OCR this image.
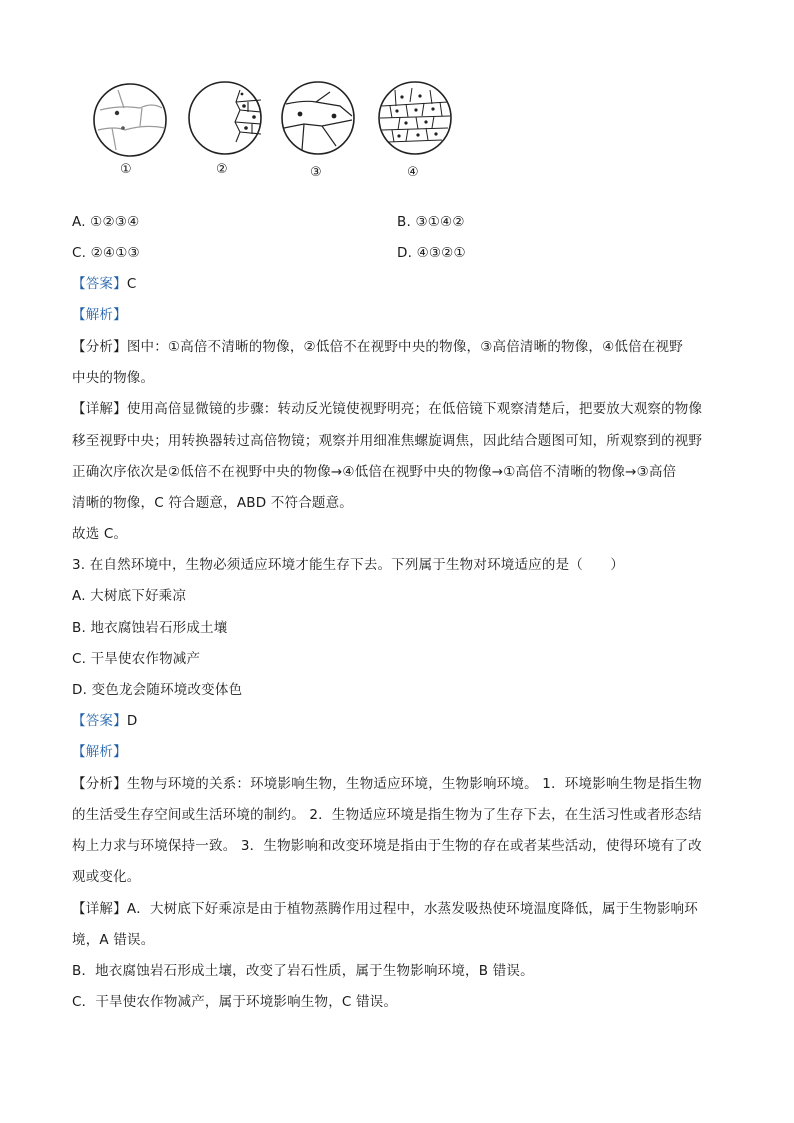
①	②	③	④
A. ①②③④	B. ③①④②
C. ②④①③	D. ④③②①
【答案】C
【解析】
【分析】图中：①高倍不清晰的物像，②低倍不在视野中央的物像，③高倍清晰的物像，④低倍在视野
中央的物像。
【详解】使用高倍显微镜的步骤：转动反光镜使视野明亮；在低倍镜下观察清楚后，把要放大观察的物像
移至视野中央；用转换器转过高倍物镜；观察并用细准焦螺旋调焦，因此结合题图可知，所观察到的视野
正确次序依次是②低倍不在视野中央的物像→④低倍在视野中央的物像→①高倍不清晰的物像→③高倍
清晰的物像，C 符合题意，ABD 不符合题意。
故选 C。
3. 在自然环境中，生物必须适应环境才能生存下去。下列属于生物对环境适应的是（　　）
A. 大树底下好乘凉
B. 地衣腐蚀岩石形成土壤
C. 干旱使农作物减产
D. 变色龙会随环境改变体色
【答案】D
【解析】
【分析】生物与环境的关系：环境影响生物，生物适应环境，生物影响环境。 1．环境影响生物是指生物
的生活受生存空间或生活环境的制约。 2．生物适应环境是指生物为了生存下去，在生活习性或者形态结
构上力求与环境保持一致。 3．生物影响和改变环境是指由于生物的存在或者某些活动，使得环境有了改
观或变化。
【详解】A．大树底下好乘凉是由于植物蒸腾作用过程中，水蒸发吸热使环境温度降低，属于生物影响环
境，A 错误。
B．地衣腐蚀岩石形成土壤，改变了岩石性质，属于生物影响环境，B 错误。
C．干旱使农作物减产，属于环境影响生物，C 错误。
